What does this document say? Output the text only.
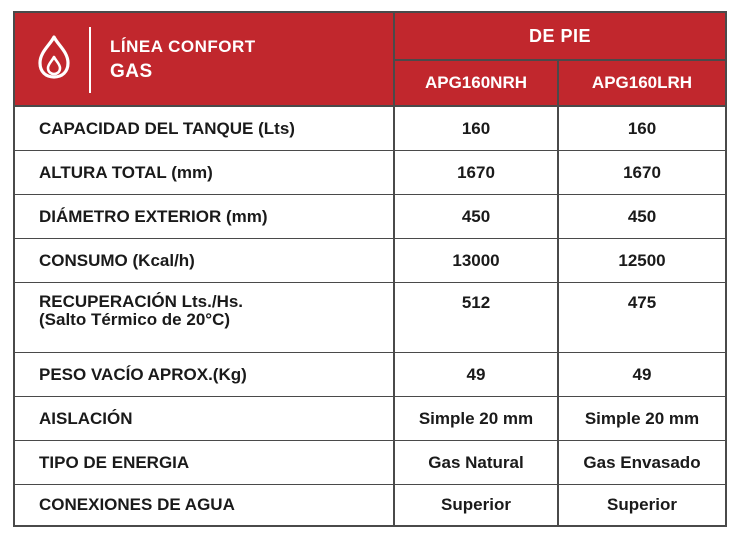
LÍNEA CONFORT
GAS
DE PIE
APG160NRH	APG160LRH
CAPACIDAD DEL TANQUE (Lts)	160	160
ALTURA TOTAL (mm)	1670	1670
DIÁMETRO EXTERIOR (mm)	450	450
CONSUMO (Kcal/h)	13000	12500
RECUPERACIÓN Lts./Hs.
(Salto Térmico de 20°C)
512	475
PESO VACÍO APROX.(Kg)	49	49
AISLACIÓN	Simple 20 mm	Simple 20 mm
TIPO DE ENERGIA	Gas Natural	Gas Envasado
CONEXIONES DE AGUA	Superior	Superior
